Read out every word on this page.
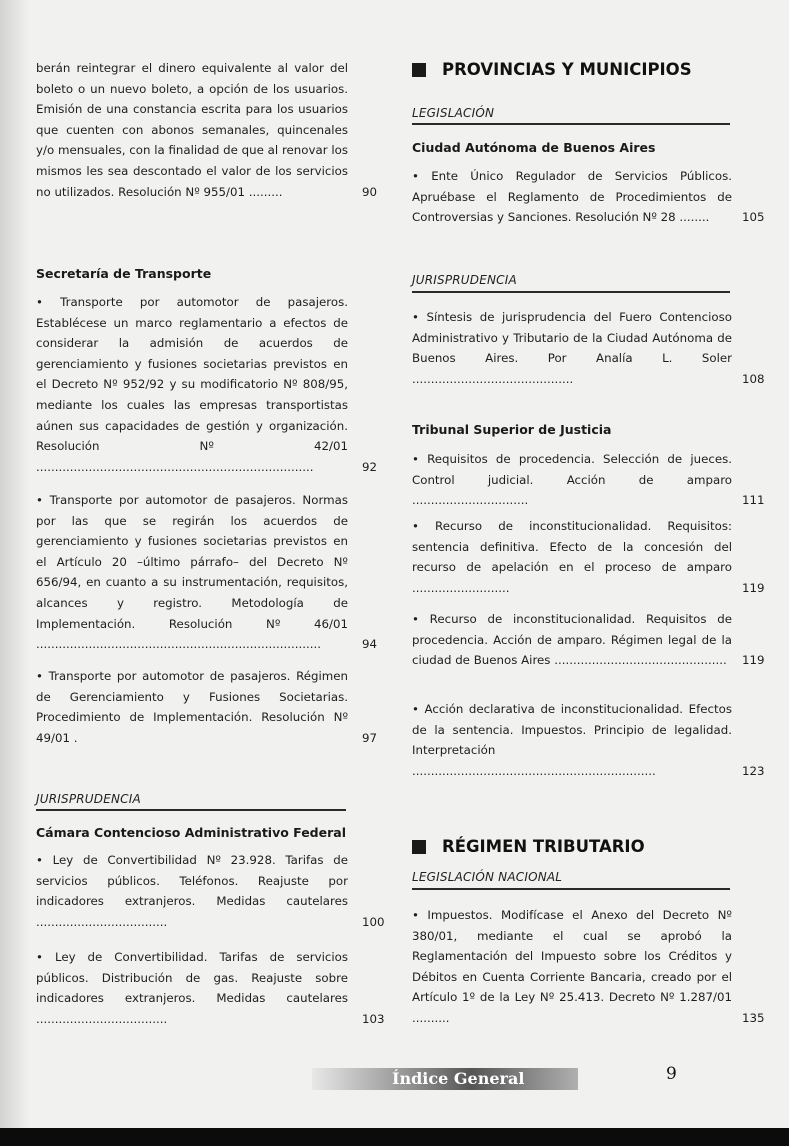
berán reintegrar el dinero equivalente al valor del boleto o un nuevo boleto, a opción de los usuarios. Emisión de una constancia escrita para los usuarios que cuenten con abonos semanales, quincenales y/o mensuales, con la finalidad de que al renovar los mismos les sea descontado el valor de los servicios no utilizados. Resolución Nº 955/01 .........	90
Secretaría de Transporte
• Transporte por automotor de pasajeros. Establécese un marco reglamentario a efectos de considerar la admisión de acuerdos de gerenciamiento y fusiones societarias previstos en el Decreto Nº 952/92 y su modificatorio Nº 808/95, mediante los cuales las empresas transportistas aúnen sus capacidades de gestión y organización. Resolución Nº 42/01 ..........................................................................	92
• Transporte por automotor de pasajeros. Normas por las que se regirán los acuerdos de gerenciamiento y fusiones societarias previstos en el Artículo 20 –último párrafo– del Decreto Nº 656/94, en cuanto a su instrumentación, requisitos, alcances y registro. Metodología de Implementación. Resolución Nº 46/01 ............................................................................	94
• Transporte por automotor de pasajeros. Régimen de Gerenciamiento y Fusiones Societarias. Procedimiento de Implementación. Resolución Nº 49/01 .	97
JURISPRUDENCIA
Cámara Contencioso Administrativo Federal
• Ley de Convertibilidad Nº 23.928. Tarifas de servicios públicos. Teléfonos. Reajuste por indicadores extranjeros. Medidas cautelares ...................................	100
• Ley de Convertibilidad. Tarifas de servicios públicos. Distribución de gas. Reajuste sobre indicadores extranjeros. Medidas cautelares ...................................	103
PROVINCIAS Y MUNICIPIOS
LEGISLACIÓN
Ciudad Autónoma de Buenos Aires
• Ente Único Regulador de Servicios Públicos. Apruébase el Reglamento de Procedimientos de Controversias y Sanciones. Resolución Nº 28 ........	105
JURISPRUDENCIA
• Síntesis de jurisprudencia del Fuero Contencioso Administrativo y Tributario de la Ciudad Autónoma de Buenos Aires. Por Analía L. Soler ...........................................	108
Tribunal Superior de Justicia
• Requisitos de procedencia. Selección de jueces. Control judicial. Acción de amparo ...............................	111
• Recurso de inconstitucionalidad. Requisitos: sentencia definitiva. Efecto de la concesión del recurso de apelación en el proceso de amparo ..........................	119
• Recurso de inconstitucionalidad. Requisitos de procedencia. Acción de amparo. Régimen legal de la ciudad de Buenos Aires ..............................................	119
• Acción declarativa de inconstitucionalidad. Efectos de la sentencia. Impuestos. Principio de legalidad. Interpretación .................................................................	123
RÉGIMEN TRIBUTARIO
LEGISLACIÓN NACIONAL
• Impuestos. Modifícase el Anexo del Decreto Nº 380/01, mediante el cual se aprobó la Reglamentación del Impuesto sobre los Créditos y Débitos en Cuenta Corriente Bancaria, creado por el Artículo 1º de la Ley Nº 25.413. Decreto Nº 1.287/01 ..........	135
Índice General	9
